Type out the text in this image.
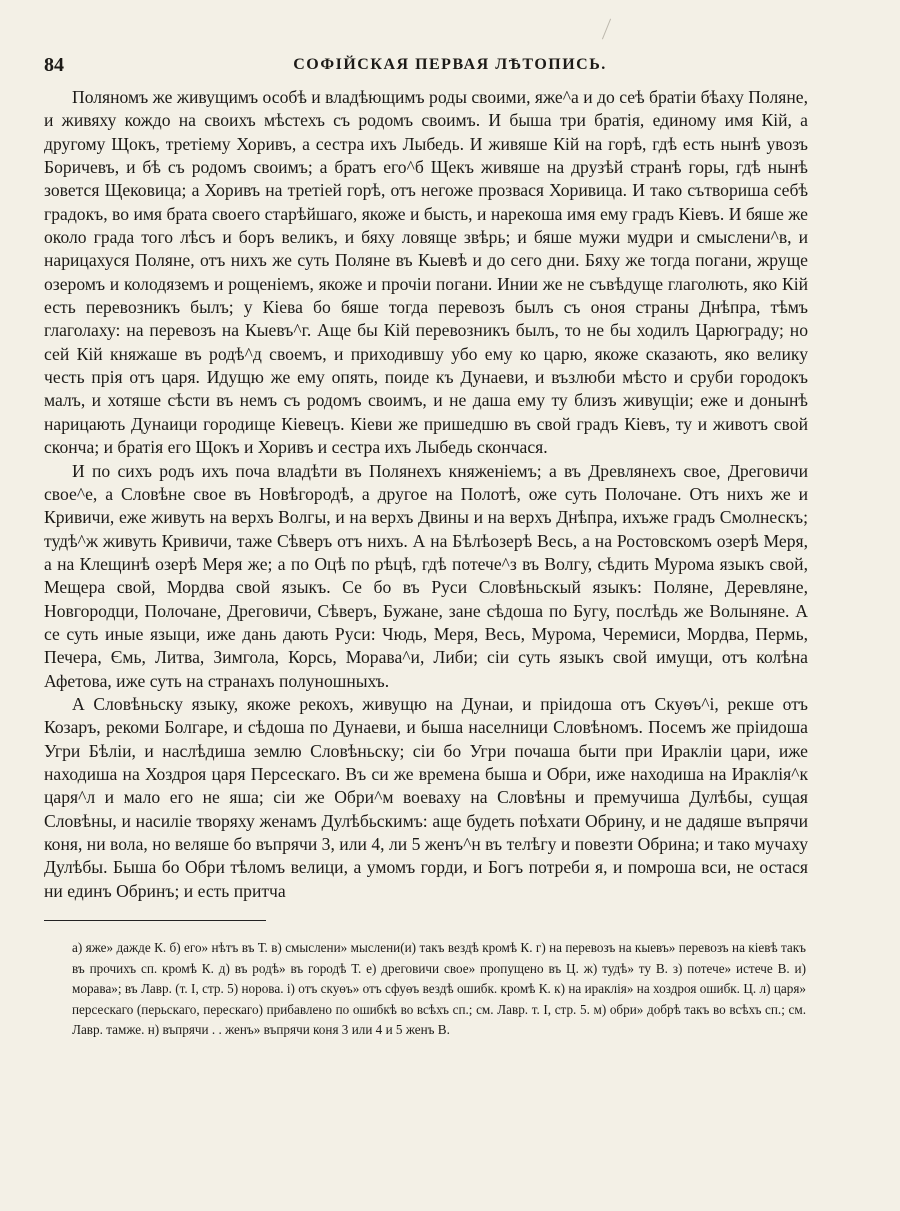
84	СОФІЙСКАЯ ПЕРВАЯ ЛѢТОПИСЬ.

Поляномъ же живущимъ особѣ и владѣющимъ роды своими, яже^а и до сеѣ братіи бѣаху Поляне, и живяху кождо на своихъ мѣстехъ съ родомъ своимъ. И быша три братія, единому имя Кій, а другому Щокъ, третіему Хоривъ, а сестра ихъ Лыбедь. И живяше Кій на горѣ, гдѣ есть нынѣ увозъ Боричевъ, и бѣ съ родомъ своимъ; а братъ его^б Щекъ живяше на друзѣй странѣ горы, гдѣ нынѣ зовется Щековица; а Хоривъ на третіей горѣ, отъ негоже прозвася Хоривица. И тако сътвориша себѣ градокъ, во имя брата своего старѣйшаго, якоже и бысть, и нарекоша имя ему градъ Кіевъ. И бяше же около града того лѣсъ и боръ великъ, и бяху ловяще звѣрь; и бяше мужи мудри и смыслени^в, и нарицахуся Поляне, отъ нихъ же суть Поляне въ Кыевѣ и до сего дни. Бяху же тогда погани, жруще озеромъ и колодяземъ и рощеніемъ, якоже и прочіи погани. Инии же не съвѣдуще глаголють, яко Кій есть перевозникъ былъ; у Кіева бо бяше тогда перевозъ былъ съ оноя страны Днѣпра, тѣмъ глаголаху: на перевозъ на Кыевъ^г. Аще бы Кій перевозникъ былъ, то не бы ходилъ Царюграду; но сей Кій княжаше въ родѣ^д своемъ, и приходившу убо ему ко царю, якоже сказають, яко велику честь прія отъ царя. Идущю же ему опять, поиде къ Дунаеви, и възлюби мѣсто и сруби городокъ малъ, и хотяше сѣсти въ немъ съ родомъ своимъ, и не даша ему ту близъ живущіи; еже и донынѣ нарицають Дунаици городище Кіевецъ. Кіеви же пришедшю въ свой градъ Кіевъ, ту и животъ свой скончa; и братія его Щокъ и Хоривъ и сестра ихъ Лыбедь скончася.

И по сихъ родъ ихъ поча владѣти въ Полянехъ княженіемъ; а въ Древлянехъ свое, Дреговичи свое^е, а Словѣне свое въ Новѣгородѣ, а другое на Полотѣ, оже суть Полочане. Отъ нихъ же и Кривичи, еже живуть на верхъ Волгы, и на верхъ Двины и на верхъ Днѣпра, ихъже градъ Смолнескъ; тудѣ^ж живуть Кривичи, таже Сѣверъ отъ нихъ. А на Бѣлѣозерѣ Весь, а на Ростовскомъ озерѣ Меря, а на Клещинѣ озерѣ Меря же; а по Оцѣ по рѣцѣ, гдѣ потече^з въ Волгу, сѣдить Мурома языкъ свой, Мещера свой, Мордва свой языкъ. Се бо въ Руси Словѣньскый языкъ: Поляне, Деревляне, Новгородци, Полочане, Дреговичи, Сѣверъ, Бужане, зане сѣдоша по Бугу, послѣдь же Волыняне. А се суть иные языци, иже дань дають Руси: Чюдь, Меря, Весь, Мурома, Черемиси, Мордва, Пермь, Печера, Ємь, Литва, Зимгола, Корсь, Морава^и, Либи; сіи суть языкъ свой имущи, отъ колѣна Афетова, иже суть на странахъ полуношныхъ.

А Словѣньску языку, якоже рекохъ, живущю на Дунаи, и пріидоша отъ Скуѳъ^і, рекше отъ Козаръ, рекоми Болгаре, и сѣдоша по Дунаеви, и быша населници Словѣномъ. Посемъ же пріидоша Угри Бѣліи, и наслѣдиша землю Словѣньску; сіи бо Угри почаша быти при Иракліи цари, иже находиша на Хоздроя царя Персескаго. Въ си же времена быша и Обри, иже находиша на Ираклія^к царя^л и мало его не яша; сіи же Обри^м воеваху на Словѣны и премучиша Дулѣбы, сущая Словѣны, и насиліе творяху женамъ Дулѣбьскимъ: аще будеть поѣхати Обрину, и не дадяше въпрячи коня, ни вола, но веляше бо въпрячи 3, или 4, ли 5 женъ^н въ телѣгу и повезти Обрина; и тако мучаху Дулѣбы. Быша бо Обри тѣломъ велици, а умомъ горди, и Богъ потреби я, и помроша вси, не остася ни единъ Обринъ; и есть притча

а) яже» дажде К. б) его» нѣтъ въ Т. в) смыслени» мыслени(и) такъ вездѣ кромѣ К. г) на перевозъ на кыевъ» перевозъ на кіевѣ такъ въ прочихъ сп. кромѣ К. д) въ родѣ» въ городѣ Т. е) дреговичи свое» пропущено въ Ц. ж) тудѣ» ту В. з) потече» истече В. и) морава»; въ Лавр. (т. I, стр. 5) норова. і) отъ скуѳъ» отъ сфуѳъ вездѣ ошибк. кромѣ К. к) на ираклія» на хоздроя ошибк. Ц. л) царя» персескаго (перьскаго, перескаго) прибавлено по ошибкѣ во всѣхъ сп.; см. Лавр. т. I, стр. 5. м) обри» добрѣ такъ во всѣхъ сп.; см. Лавр. тамже. н) въпрячи . . женъ» въпрячи коня 3 или 4 и 5 женъ В.
